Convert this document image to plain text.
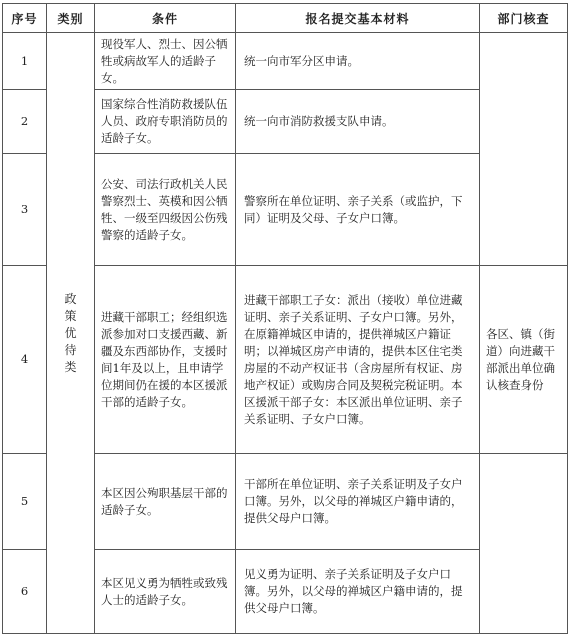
序号	类别	条件	报名提交基本材料	部门核查
1	政策优待类	现役军人、烈士、因公牺牲或病故军人的适龄子女。	统一向市军分区申请。	
2		国家综合性消防救援队伍人员、政府专职消防员的适龄子女。	统一向市消防救援支队申请。	
3		公安、司法行政机关人民警察烈士、英模和因公牺牲、一级至四级因公伤残警察的适龄子女。	警察所在单位证明、亲子关系（或监护，下同）证明及父母、子女户口簿。	
4		进藏干部职工；经组织选派参加对口支援西藏、新疆及东西部协作，支援时间1年及以上，且申请学位期间仍在援的本区援派干部的适龄子女。	进藏干部职工子女：派出（接收）单位进藏证明、亲子关系证明、子女户口簿。另外，在原籍禅城区申请的，提供禅城区户籍证明；以禅城区房产申请的，提供本区住宅类房屋的不动产权证书（含房屋所有权证、房地产权证）或购房合同及契税完税证明。本区援派干部子女：本区派出单位证明、亲子关系证明、子女户口簿。	各区、镇（街道）向进藏干部派出单位确认核查身份
5		本区因公殉职基层干部的适龄子女。	干部所在单位证明、亲子关系证明及子女户口簿。另外，以父母的禅城区户籍申请的，提供父母户口簿。	
6		本区见义勇为牺牲或致残人士的适龄子女。	见义勇为证明、亲子关系证明及子女户口簿。另外，以父母的禅城区户籍申请的，提供父母户口簿。	
